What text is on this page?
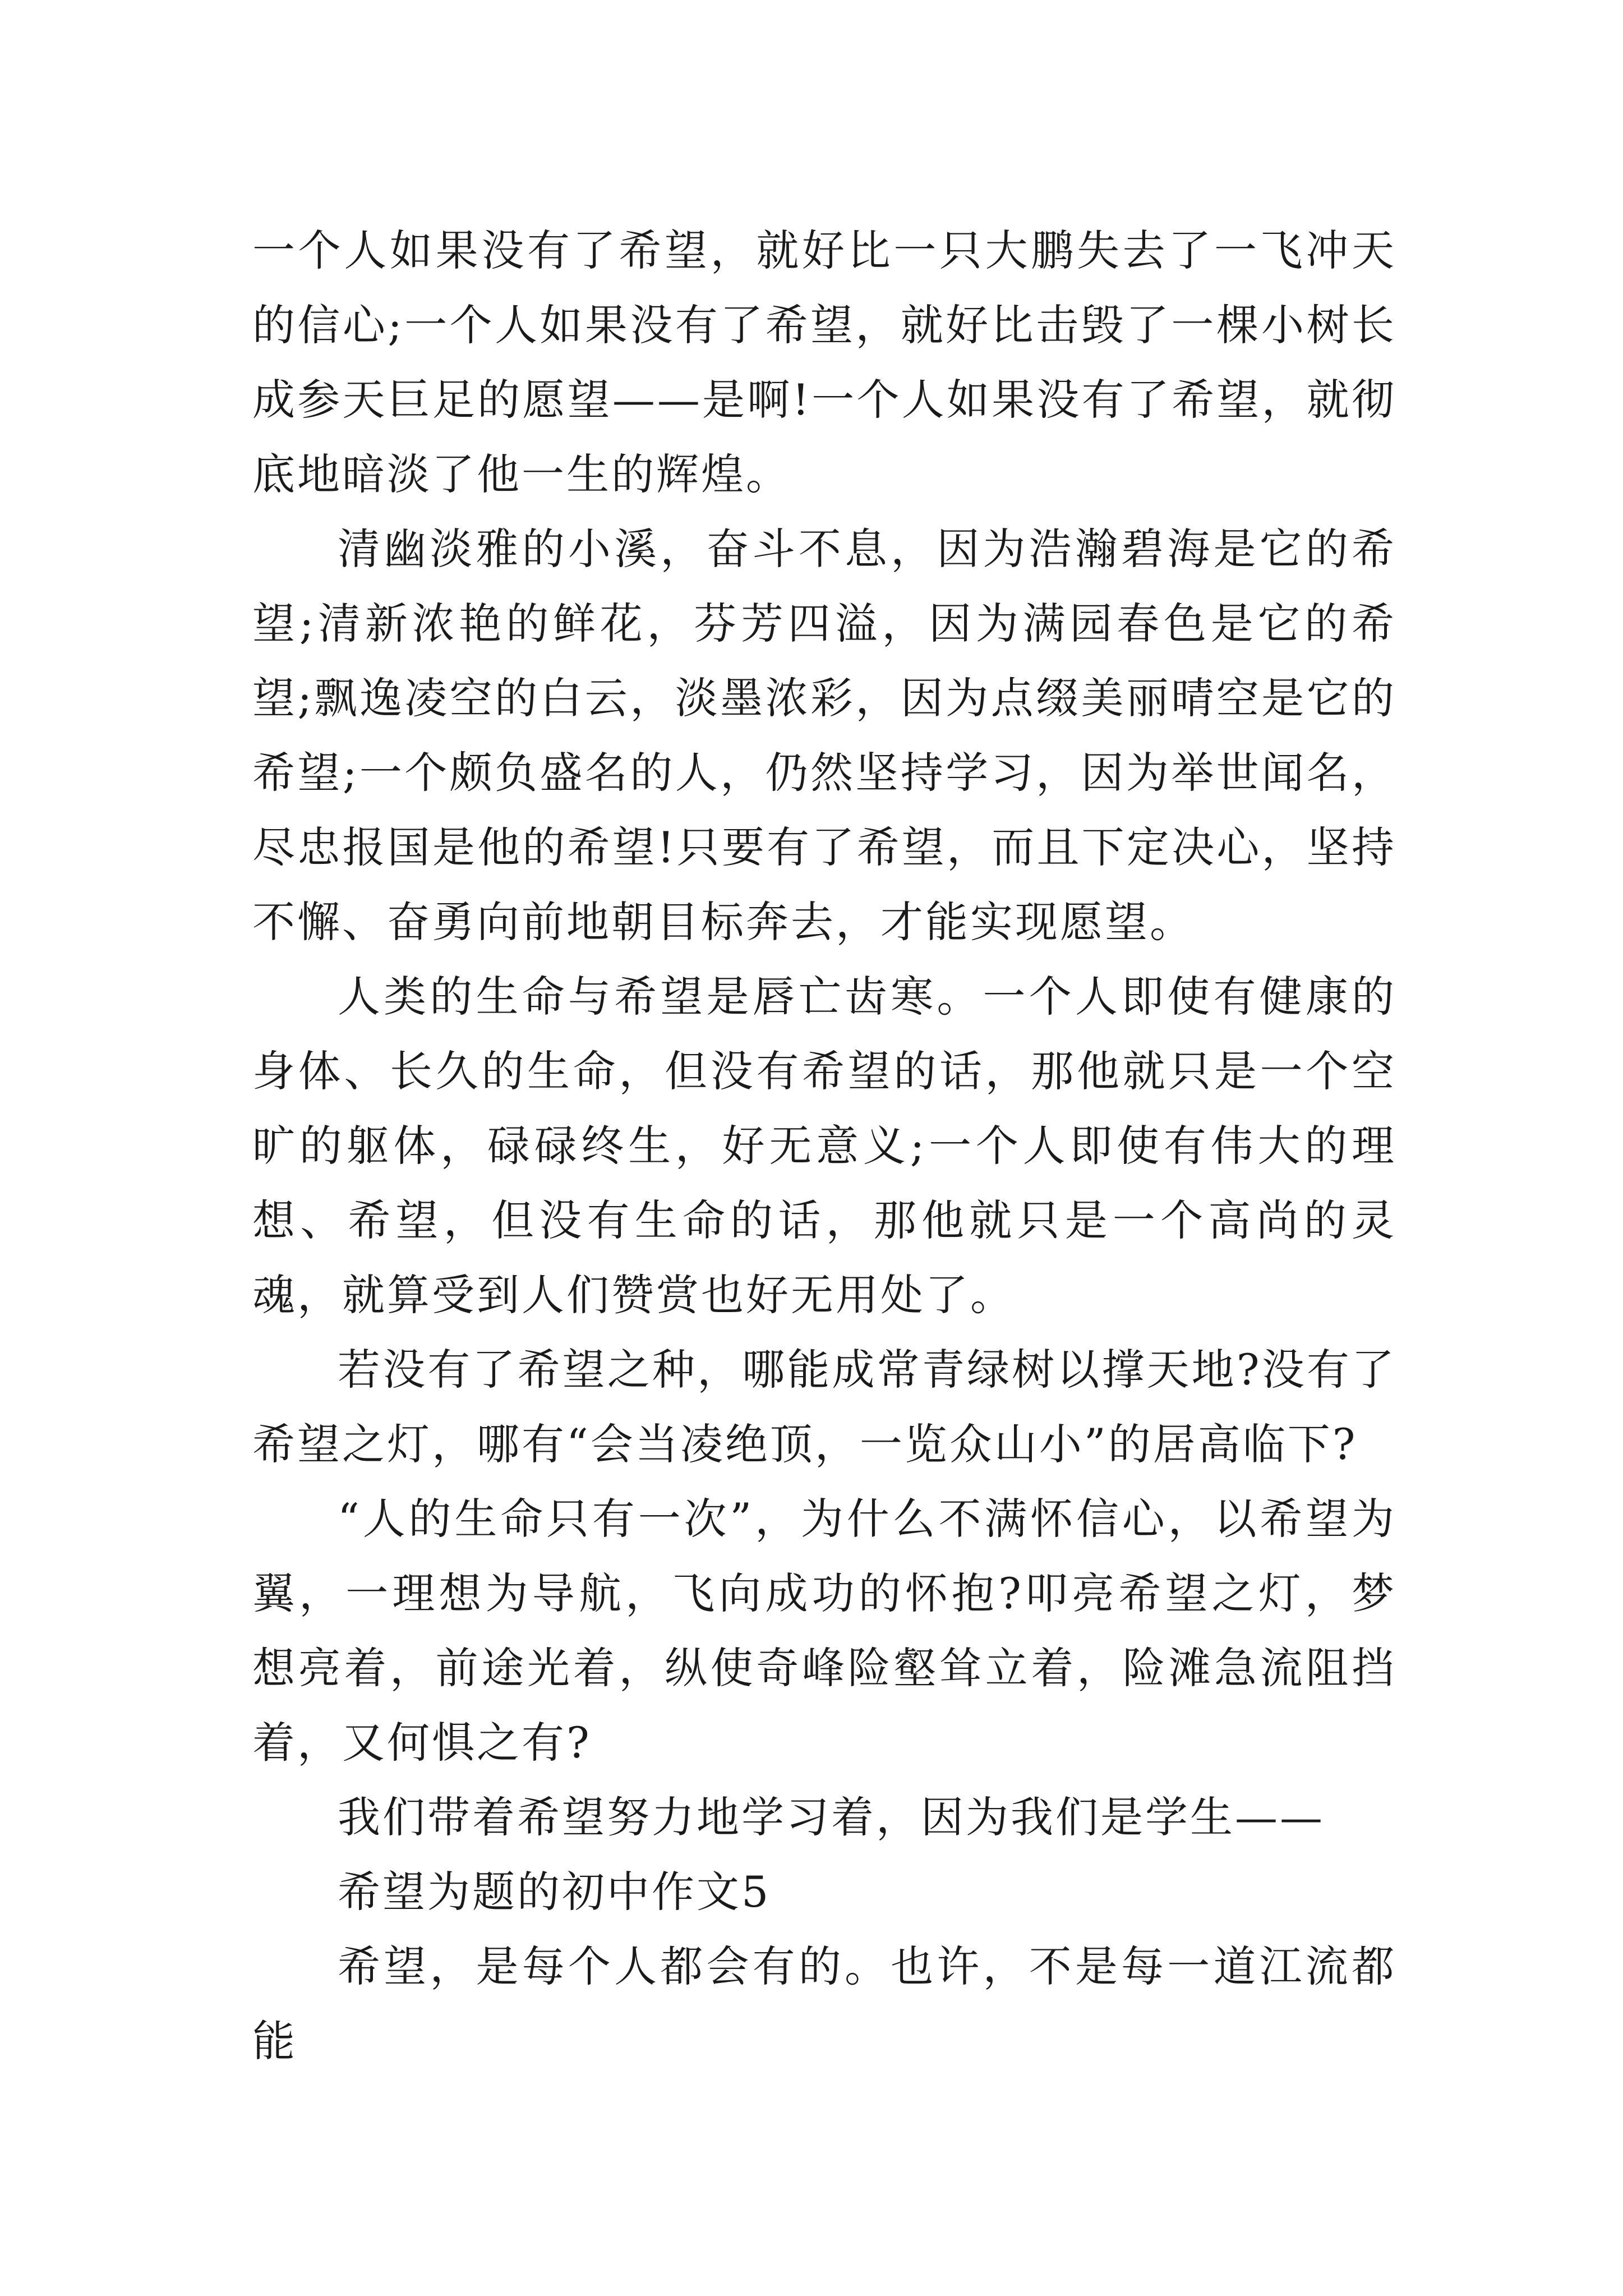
一个人如果没有了希望，就好比一只大鹏失去了一飞冲天的信心;一个人如果没有了希望，就好比击毁了一棵小树长成参天巨足的愿望——是啊!一个人如果没有了希望，就彻底地暗淡了他一生的辉煌。

清幽淡雅的小溪，奋斗不息，因为浩瀚碧海是它的希望;清新浓艳的鲜花，芬芳四溢，因为满园春色是它的希望;飘逸凌空的白云，淡墨浓彩，因为点缀美丽晴空是它的希望;一个颇负盛名的人，仍然坚持学习，因为举世闻名，尽忠报国是他的希望!只要有了希望，而且下定决心，坚持不懈、奋勇向前地朝目标奔去，才能实现愿望。

人类的生命与希望是唇亡齿寒。一个人即使有健康的身体、长久的生命，但没有希望的话，那他就只是一个空旷的躯体，碌碌终生，好无意义;一个人即使有伟大的理想、希望，但没有生命的话，那他就只是一个高尚的灵魂，就算受到人们赞赏也好无用处了。

若没有了希望之种，哪能成常青绿树以撑天地?没有了希望之灯，哪有“会当凌绝顶，一览众山小”的居高临下?

“人的生命只有一次”，为什么不满怀信心，以希望为翼，一理想为导航，飞向成功的怀抱?叩亮希望之灯，梦想亮着，前途光着，纵使奇峰险壑耸立着，险滩急流阻挡着，又何惧之有?

我们带着希望努力地学习着，因为我们是学生——

希望为题的初中作文5

希望，是每个人都会有的。也许，不是每一道江流都能
